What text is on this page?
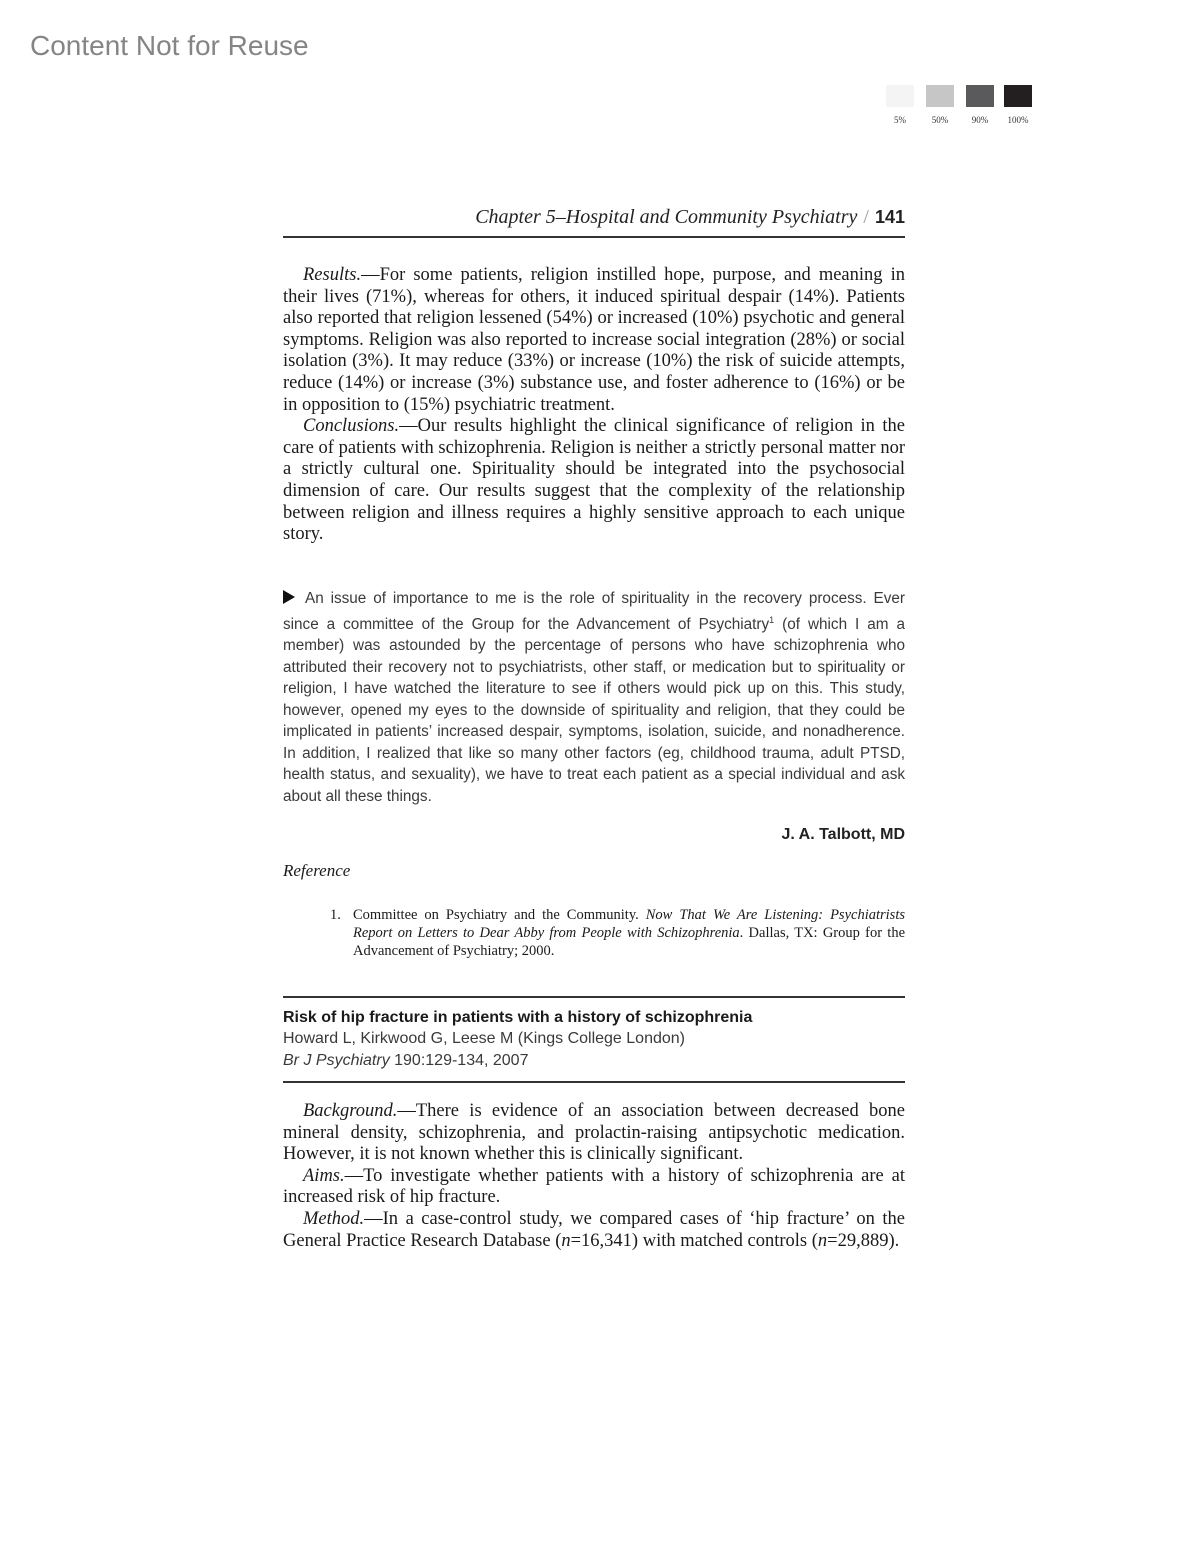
Content Not for Reuse
5%	50%	90%	100%
Chapter 5–Hospital and Community Psychiatry / 141

Results.—For some patients, religion instilled hope, purpose, and meaning in their lives (71%), whereas for others, it induced spiritual despair (14%). Patients also reported that religion lessened (54%) or increased (10%) psychotic and general symptoms. Religion was also reported to increase social integration (28%) or social isolation (3%). It may reduce (33%) or increase (10%) the risk of suicide attempts, reduce (14%) or increase (3%) substance use, and foster adherence to (16%) or be in opposition to (15%) psychiatric treatment.

Conclusions.—Our results highlight the clinical significance of religion in the care of patients with schizophrenia. Religion is neither a strictly personal matter nor a strictly cultural one. Spirituality should be integrated into the psychosocial dimension of care. Our results suggest that the complexity of the relationship between religion and illness requires a highly sensitive approach to each unique story.

An issue of importance to me is the role of spirituality in the recovery process. Ever since a committee of the Group for the Advancement of Psychiatry$^1$ (of which I am a member) was astounded by the percentage of persons who have schizophrenia who attributed their recovery not to psychiatrists, other staff, or medication but to spirituality or religion, I have watched the literature to see if others would pick up on this. This study, however, opened my eyes to the downside of spirituality and religion, that they could be implicated in patients’ increased despair, symptoms, isolation, suicide, and nonadherence. In addition, I realized that like so many other factors (eg, childhood trauma, adult PTSD, health status, and sexuality), we have to treat each patient as a special individual and ask about all these things.
J. A. Talbott, MD
Reference
1. Committee on Psychiatry and the Community. Now That We Are Listening: Psychiatrists Report on Letters to Dear Abby from People with Schizophrenia. Dallas, TX: Group for the Advancement of Psychiatry; 2000.
Risk of hip fracture in patients with a history of schizophrenia
Howard L, Kirkwood G, Leese M (Kings College London)
Br J Psychiatry 190:129-134, 2007

Background.—There is evidence of an association between decreased bone mineral density, schizophrenia, and prolactin-raising antipsychotic medication. However, it is not known whether this is clinically significant.

Aims.—To investigate whether patients with a history of schizophrenia are at increased risk of hip fracture.

Method.—In a case-control study, we compared cases of ‘hip fracture’ on the General Practice Research Database (n=16,341) with matched controls (n=29,889).
